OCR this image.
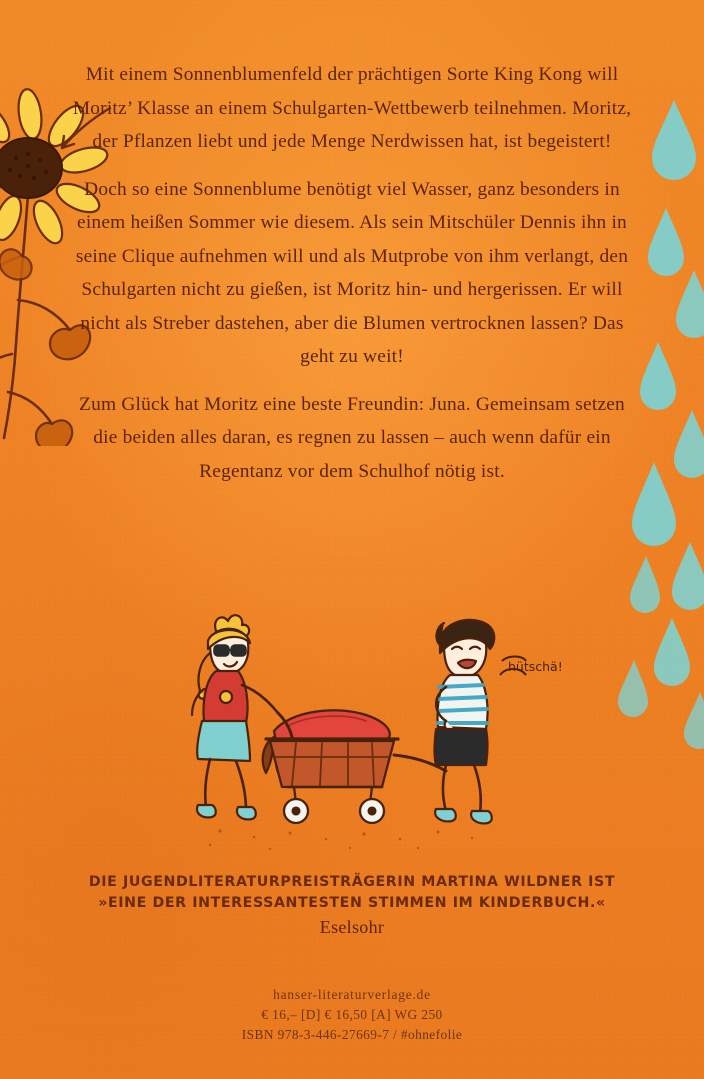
Mit einem Sonnenblumenfeld der prächtigen Sorte King Kong will Moritz’ Klasse an einem Schulgarten-Wettbewerb teilnehmen. Moritz, der Pflanzen liebt und jede Menge Nerdwissen hat, ist begeistert!

Doch so eine Sonnenblume benötigt viel Wasser, ganz besonders in einem heißen Sommer wie diesem. Als sein Mitschüler Dennis ihn in seine Clique aufnehmen will und als Mutprobe von ihm verlangt, den Schulgarten nicht zu gießen, ist Moritz hin- und hergerissen. Er will nicht als Streber dastehen, aber die Blumen vertrocknen lassen? Das geht zu weit!

Zum Glück hat Moritz eine beste Freundin: Juna. Gemeinsam setzen die beiden alles daran, es regnen zu lassen – auch wenn dafür ein Regentanz vor dem Schulhof nötig ist.

hütschä!
DIE JUGENDLITERATURPREISTRÄGERIN MARTINA WILDNER IST
»EINE DER INTERESSANTESTEN STIMMEN IM KINDERBUCH.«
Eselsohr
hanser-literaturverlage.de
€ 16,– [D] € 16,50 [A] WG 250
ISBN 978-3-446-27669-7 / #ohnefolie
